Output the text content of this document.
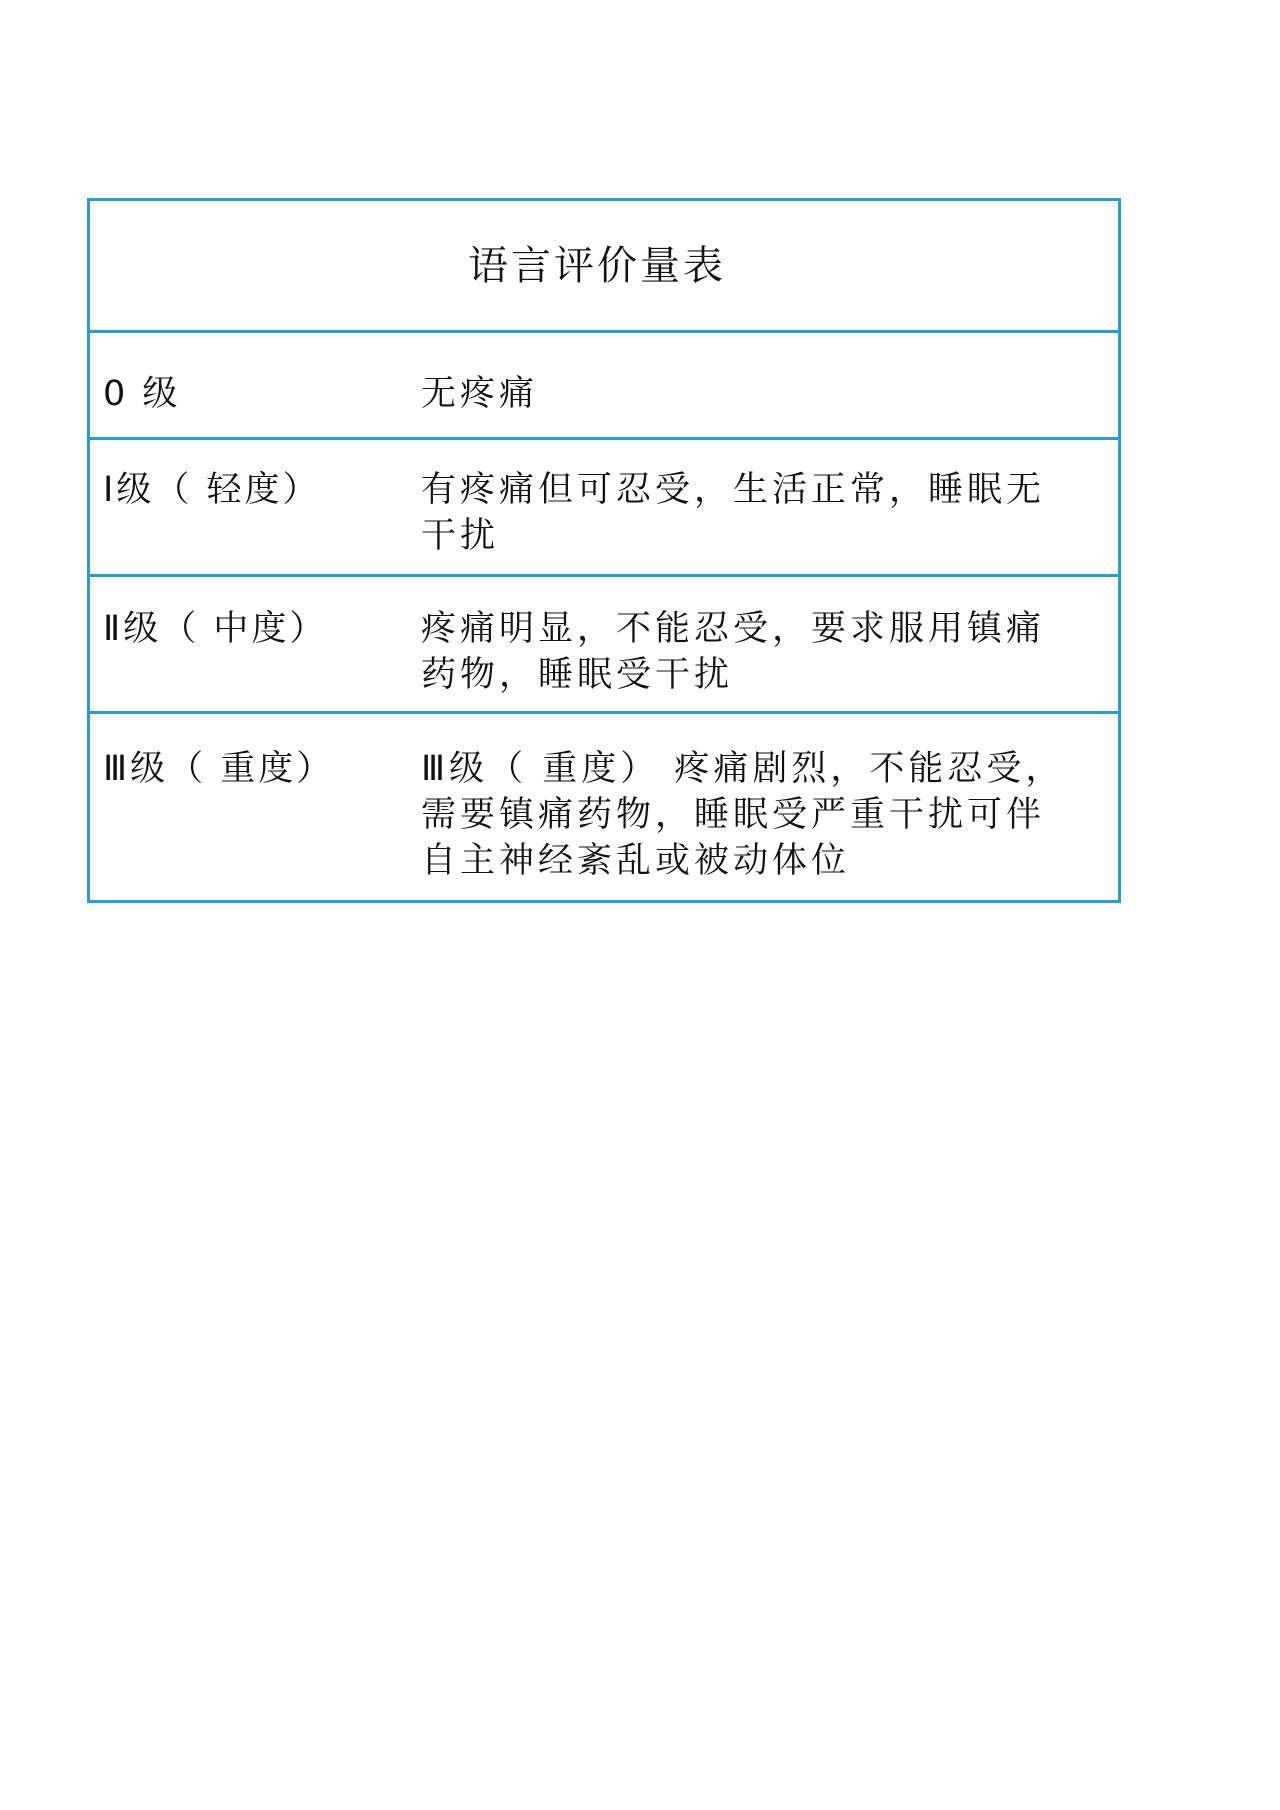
语言评价量表
0 级	无疼痛
Ⅰ级（ 轻度）	有疼痛但可忍受，生活正常，睡眠无
干扰
Ⅱ级（ 中度）	疼痛明显，不能忍受，要求服用镇痛
药物，睡眠受干扰
Ⅲ级（ 重度）	Ⅲ级（ 重度） 疼痛剧烈，不能忍受，
需要镇痛药物，睡眠受严重干扰可伴
自主神经紊乱或被动体位
